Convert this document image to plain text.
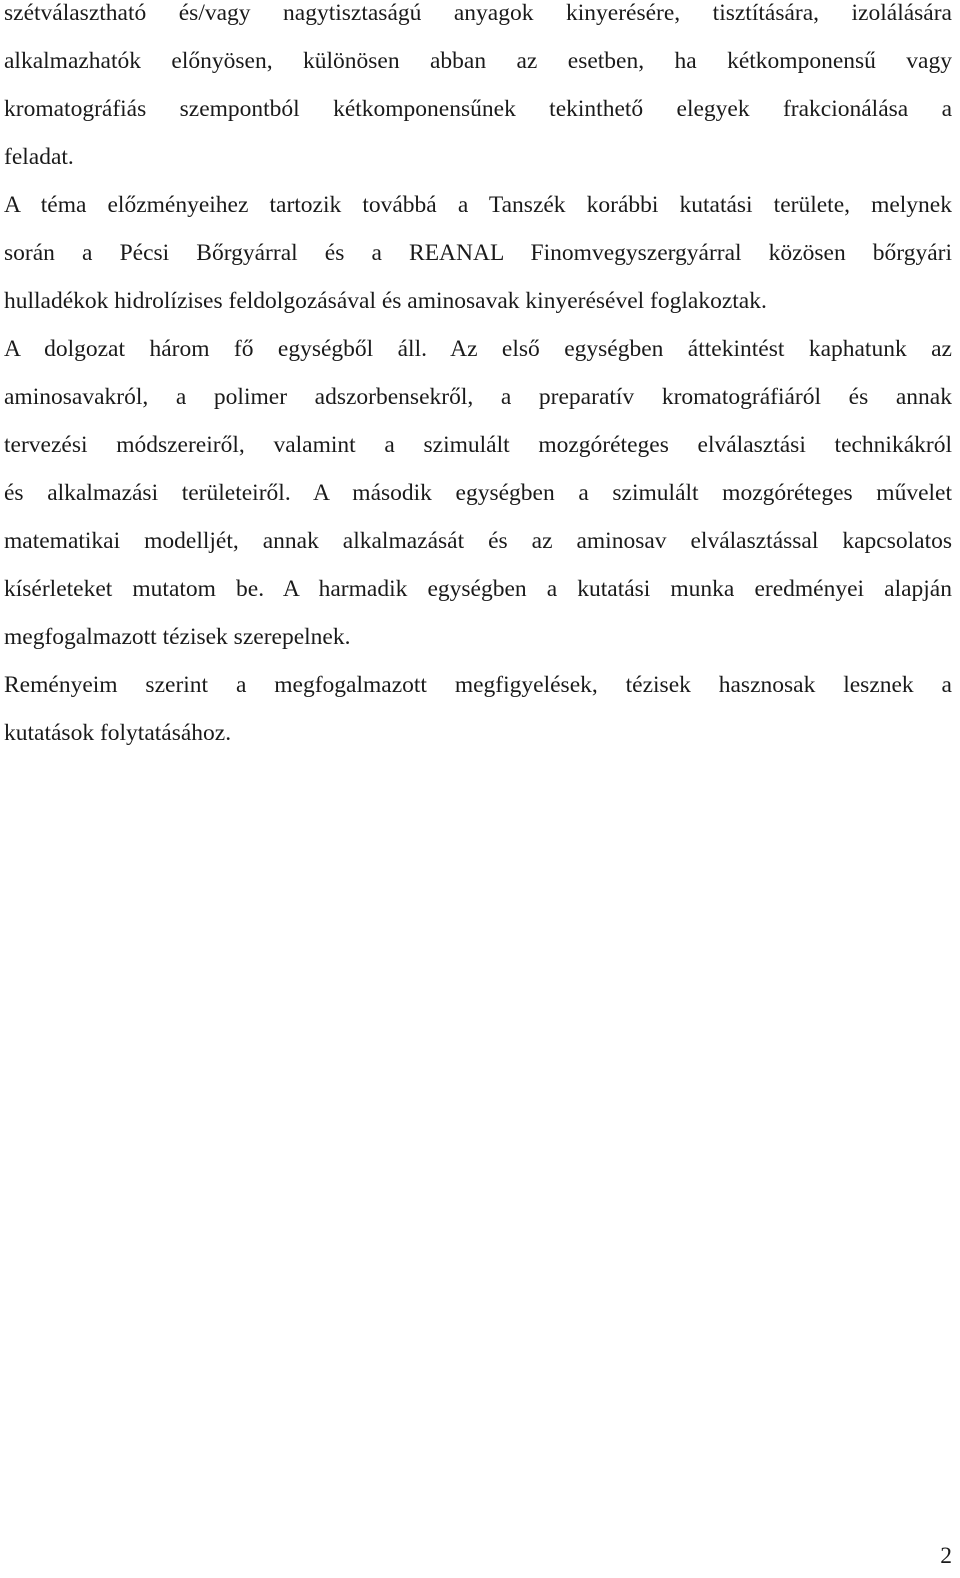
szétválasztható és/vagy nagytisztaságú anyagok kinyerésére, tisztítására, izolálására
alkalmazhatók előnyösen, különösen abban az esetben, ha kétkomponensű vagy
kromatográfiás szempontból kétkomponensűnek tekinthető elegyek frakcionálása a
feladat.
A téma előzményeihez tartozik továbbá a Tanszék korábbi kutatási területe, melynek
során a Pécsi Bőrgyárral és a REANAL Finomvegyszergyárral közösen bőrgyári
hulladékok hidrolízises feldolgozásával és aminosavak kinyerésével foglakoztak.
A dolgozat három fő egységből áll. Az első egységben áttekintést kaphatunk az
aminosavakról, a polimer adszorbensekről, a preparatív kromatográfiáról és annak
tervezési módszereiről, valamint a szimulált mozgóréteges elválasztási technikákról
és alkalmazási területeiről. A második egységben a szimulált mozgóréteges művelet
matematikai modelljét, annak alkalmazását és az aminosav elválasztással kapcsolatos
kísérleteket mutatom be. A harmadik egységben a kutatási munka eredményei alapján
megfogalmazott tézisek szerepelnek.
Reményeim szerint a megfogalmazott megfigyelések, tézisek hasznosak lesznek a
kutatások folytatásához.
2
